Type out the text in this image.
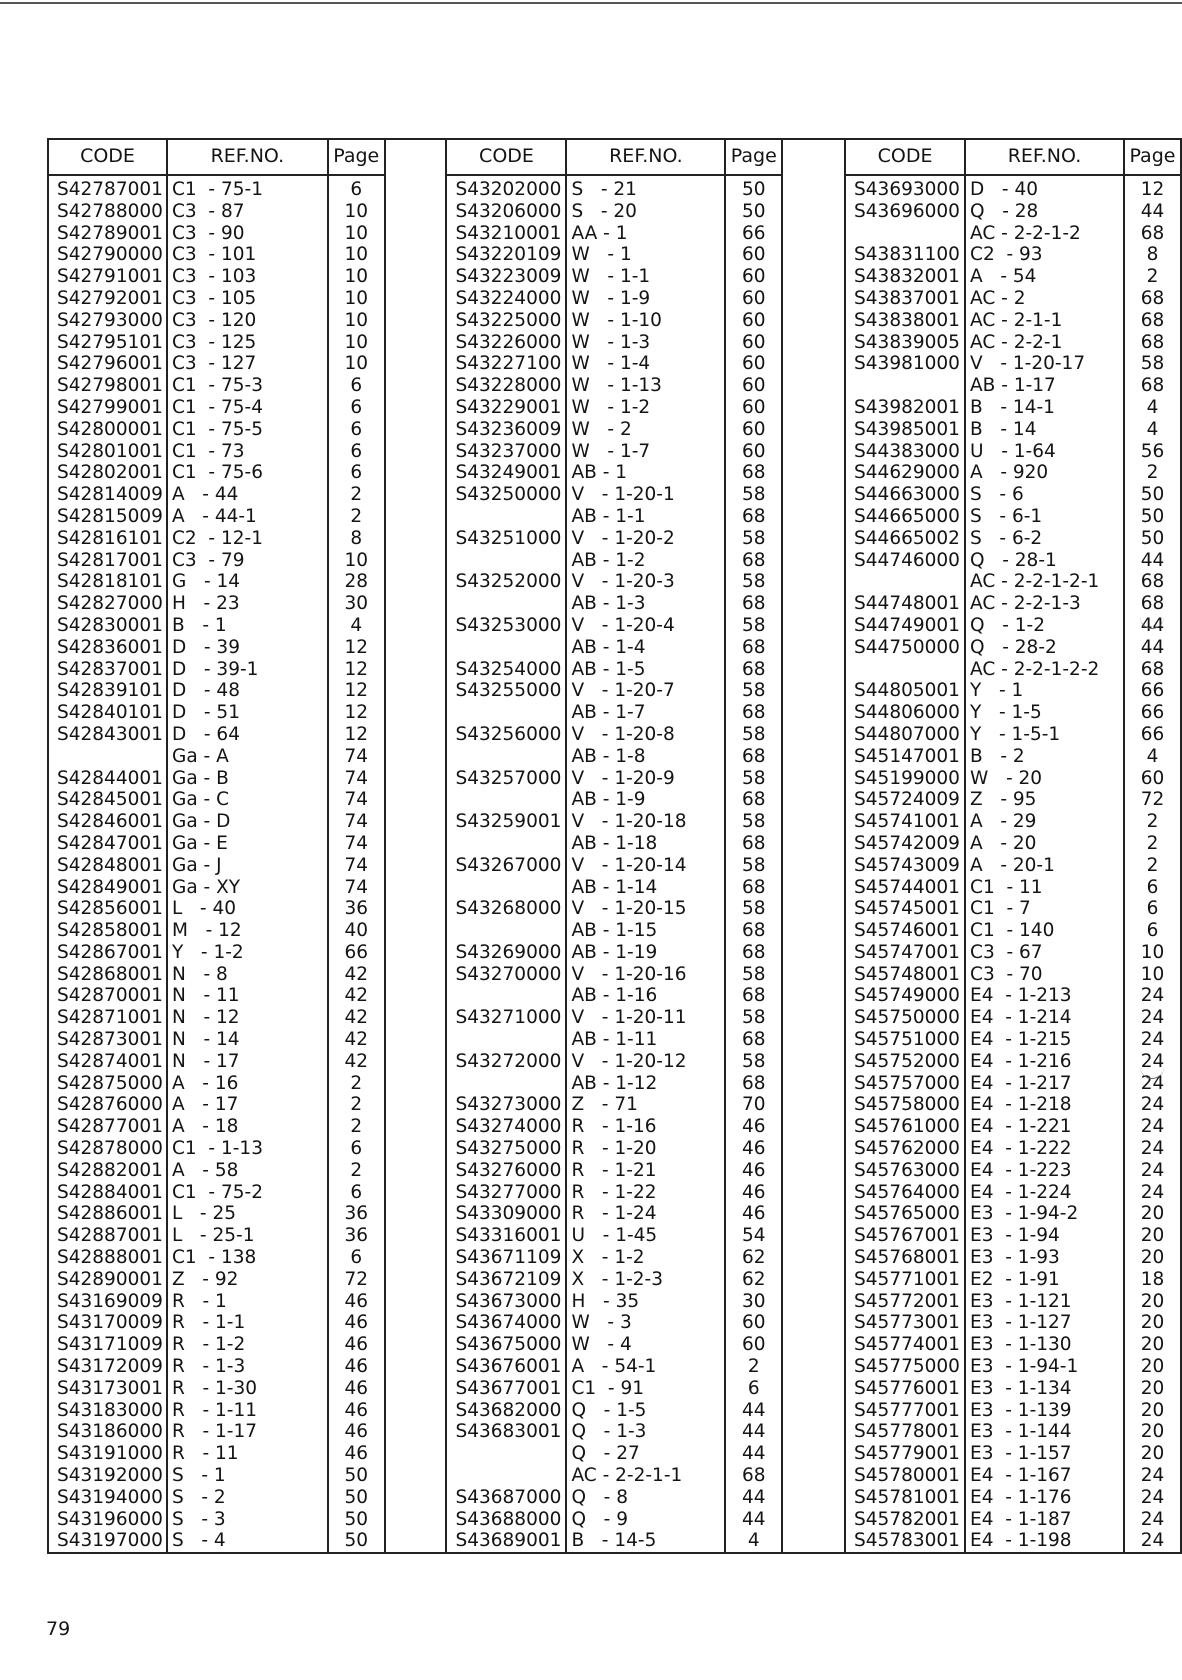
CODE	REF.NO.	Page		CODE	REF.NO.	Page		CODE	REF.NO.	Page
S42787001	C1  - 75-1	6		S43202000	S   - 21	50		S43693000	D   - 40	12
S42788000	C3  - 87	10		S43206000	S   - 20	50		S43696000	Q   - 28	44
S42789001	C3  - 90	10		S43210001	AA - 1	66			AC - 2-2-1-2	68
S42790000	C3  - 101	10		S43220109	W   - 1	60		S43831100	C2  - 93	8
S42791001	C3  - 103	10		S43223009	W   - 1-1	60		S43832001	A   - 54	2
S42792001	C3  - 105	10		S43224000	W   - 1-9	60		S43837001	AC - 2	68
S42793000	C3  - 120	10		S43225000	W   - 1-10	60		S43838001	AC - 2-1-1	68
S42795101	C3  - 125	10		S43226000	W   - 1-3	60		S43839005	AC - 2-2-1	68
S42796001	C3  - 127	10		S43227100	W   - 1-4	60		S43981000	V   - 1-20-17	58
S42798001	C1  - 75-3	6		S43228000	W   - 1-13	60			AB - 1-17	68
S42799001	C1  - 75-4	6		S43229001	W   - 1-2	60		S43982001	B   - 14-1	4
S42800001	C1  - 75-5	6		S43236009	W   - 2	60		S43985001	B   - 14	4
S42801001	C1  - 73	6		S43237000	W   - 1-7	60		S44383000	U   - 1-64	56
S42802001	C1  - 75-6	6		S43249001	AB - 1	68		S44629000	A   - 920	2
S42814009	A   - 44	2		S43250000	V   - 1-20-1	58		S44663000	S   - 6	50
S42815009	A   - 44-1	2			AB - 1-1	68		S44665000	S   - 6-1	50
S42816101	C2  - 12-1	8		S43251000	V   - 1-20-2	58		S44665002	S   - 6-2	50
S42817001	C3  - 79	10			AB - 1-2	68		S44746000	Q   - 28-1	44
S42818101	G   - 14	28		S43252000	V   - 1-20-3	58			AC - 2-2-1-2-1	68
S42827000	H   - 23	30			AB - 1-3	68		S44748001	AC - 2-2-1-3	68
S42830001	B   - 1	4		S43253000	V   - 1-20-4	58		S44749001	Q   - 1-2	44
S42836001	D   - 39	12			AB - 1-4	68		S44750000	Q   - 28-2	44
S42837001	D   - 39-1	12		S43254000	AB - 1-5	68			AC - 2-2-1-2-2	68
S42839101	D   - 48	12		S43255000	V   - 1-20-7	58		S44805001	Y   - 1	66
S42840101	D   - 51	12			AB - 1-7	68		S44806000	Y   - 1-5	66
S42843001	D   - 64	12		S43256000	V   - 1-20-8	58		S44807000	Y   - 1-5-1	66
	Ga - A	74			AB - 1-8	68		S45147001	B   - 2	4
S42844001	Ga - B	74		S43257000	V   - 1-20-9	58		S45199000	W   - 20	60
S42845001	Ga - C	74			AB - 1-9	68		S45724009	Z   - 95	72
S42846001	Ga - D	74		S43259001	V   - 1-20-18	58		S45741001	A   - 29	2
S42847001	Ga - E	74			AB - 1-18	68		S45742009	A   - 20	2
S42848001	Ga - J	74		S43267000	V   - 1-20-14	58		S45743009	A   - 20-1	2
S42849001	Ga - XY	74			AB - 1-14	68		S45744001	C1  - 11	6
S42856001	L   - 40	36		S43268000	V   - 1-20-15	58		S45745001	C1  - 7	6
S42858001	M   - 12	40			AB - 1-15	68		S45746001	C1  - 140	6
S42867001	Y   - 1-2	66		S43269000	AB - 1-19	68		S45747001	C3  - 67	10
S42868001	N   - 8	42		S43270000	V   - 1-20-16	58		S45748001	C3  - 70	10
S42870001	N   - 11	42			AB - 1-16	68		S45749000	E4  - 1-213	24
S42871001	N   - 12	42		S43271000	V   - 1-20-11	58		S45750000	E4  - 1-214	24
S42873001	N   - 14	42			AB - 1-11	68		S45751000	E4  - 1-215	24
S42874001	N   - 17	42		S43272000	V   - 1-20-12	58		S45752000	E4  - 1-216	24
S42875000	A   - 16	2			AB - 1-12	68		S45757000	E4  - 1-217	24
S42876000	A   - 17	2		S43273000	Z   - 71	70		S45758000	E4  - 1-218	24
S42877001	A   - 18	2		S43274000	R   - 1-16	46		S45761000	E4  - 1-221	24
S42878000	C1  - 1-13	6		S43275000	R   - 1-20	46		S45762000	E4  - 1-222	24
S42882001	A   - 58	2		S43276000	R   - 1-21	46		S45763000	E4  - 1-223	24
S42884001	C1  - 75-2	6		S43277000	R   - 1-22	46		S45764000	E4  - 1-224	24
S42886001	L   - 25	36		S43309000	R   - 1-24	46		S45765000	E3  - 1-94-2	20
S42887001	L   - 25-1	36		S43316001	U   - 1-45	54		S45767001	E3  - 1-94	20
S42888001	C1  - 138	6		S43671109	X   - 1-2	62		S45768001	E3  - 1-93	20
S42890001	Z   - 92	72		S43672109	X   - 1-2-3	62		S45771001	E2  - 1-91	18
S43169009	R   - 1	46		S43673000	H   - 35	30		S45772001	E3  - 1-121	20
S43170009	R   - 1-1	46		S43674000	W   - 3	60		S45773001	E3  - 1-127	20
S43171009	R   - 1-2	46		S43675000	W   - 4	60		S45774001	E3  - 1-130	20
S43172009	R   - 1-3	46		S43676001	A   - 54-1	2		S45775000	E3  - 1-94-1	20
S43173001	R   - 1-30	46		S43677001	C1  - 91	6		S45776001	E3  - 1-134	20
S43183000	R   - 1-11	46		S43682000	Q   - 1-5	44		S45777001	E3  - 1-139	20
S43186000	R   - 1-17	46		S43683001	Q   - 1-3	44		S45778001	E3  - 1-144	20
S43191000	R   - 11	46			Q   - 27	44		S45779001	E3  - 1-157	20
S43192000	S   - 1	50			AC - 2-2-1-1	68		S45780001	E4  - 1-167	24
S43194000	S   - 2	50		S43687000	Q   - 8	44		S45781001	E4  - 1-176	24
S43196000	S   - 3	50		S43688000	Q   - 9	44		S45782001	E4  - 1-187	24
S43197000	S   - 4	50		S43689001	B   - 14-5	4		S45783001	E4  - 1-198	24
79
